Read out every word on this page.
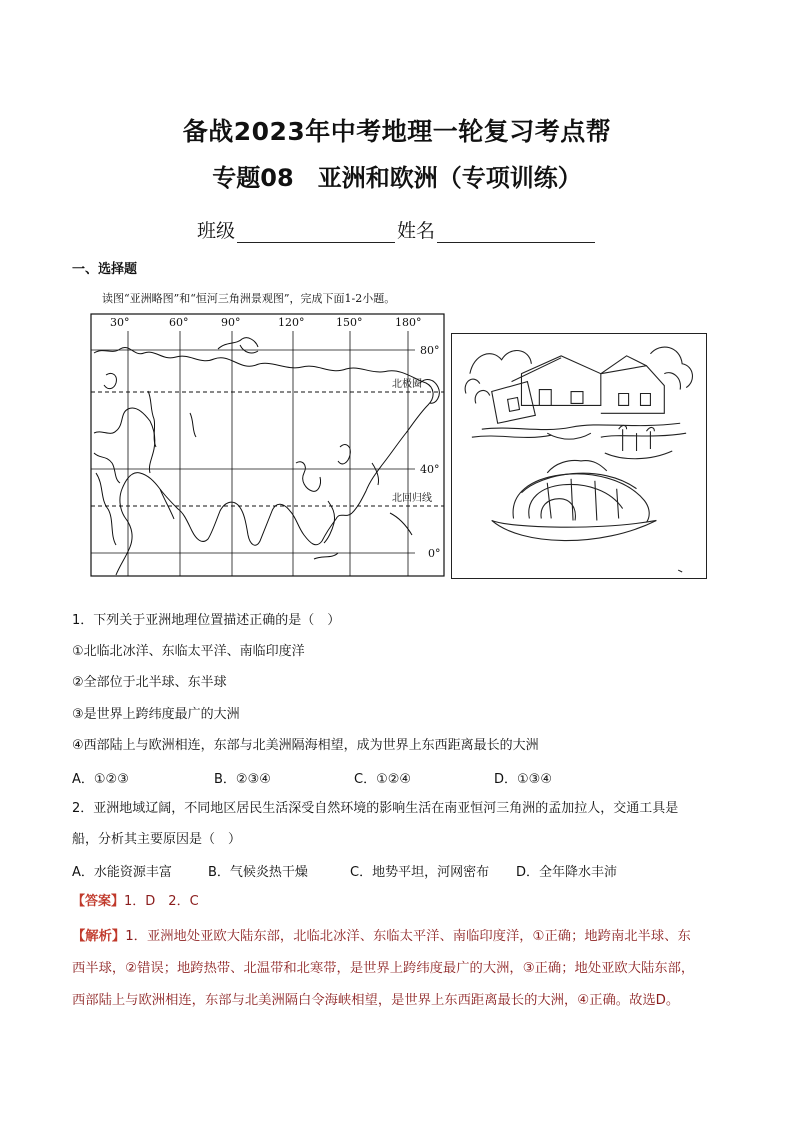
备战2023年中考地理一轮复习考点帮
专题08　亚洲和欧洲（专项训练）
班级	姓名
一、选择题
读图“亚洲略图”和“恒河三角洲景观图”，完成下面1-2小题。
30°	60°	90°	120°	150°	180°
80°
40°
0°
北极圈
北回归线
1．下列关于亚洲地理位置描述正确的是（　）
①北临北冰洋、东临太平洋、南临印度洋
②全部位于北半球、东半球
③是世界上跨纬度最广的大洲
④西部陆上与欧洲相连，东部与北美洲隔海相望，成为世界上东西距离最长的大洲
A．①②③	B．②③④	C．①②④	D．①③④
2．亚洲地域辽阔，不同地区居民生活深受自然环境的影响生活在南亚恒河三角洲的孟加拉人，交通工具是
船，分析其主要原因是（　）
A．水能资源丰富	B．气候炎热干燥	C．地势平坦，河网密布 D．全年降水丰沛
【答案】1．D　2．C
【解析】1．亚洲地处亚欧大陆东部，北临北冰洋、东临太平洋、南临印度洋，①正确；地跨南北半球、东
西半球，②错误；地跨热带、北温带和北寒带，是世界上跨纬度最广的大洲，③正确；地处亚欧大陆东部，
西部陆上与欧洲相连，东部与北美洲隔白令海峡相望，是世界上东西距离最长的大洲，④正确。故选D。
